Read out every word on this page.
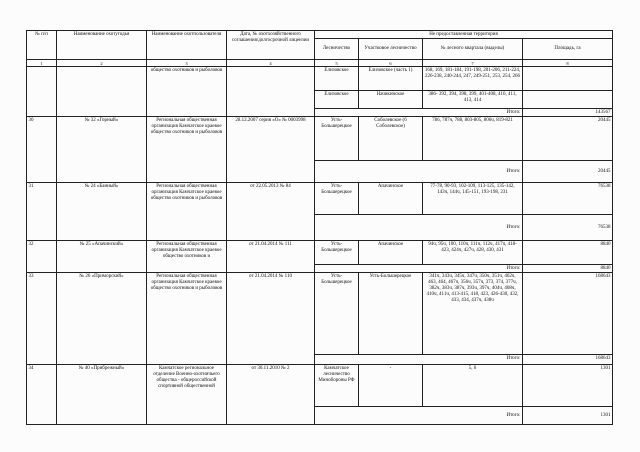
№ п/п	Наименование охотугодья	Наименование охотпользователя	Дата, № охотхозяйственного соглашения/долгосрочной лицензии	Не предоставленная территория			
				Лесничество	Участковое лесничество	№ лесного квартала (выделы)	Площадь, га
1	2	3	4	5	6	7	8
		общество охотников и рыболовов		Елизовское	Елизовское (часть 1)	168, 169, 181-184, 191-198, 201-206, 211-224, 226-238, 240-244, 247, 249-251, 253, 254, 266	
				Елизовское	Начикинское	386- 392, 394, 398, 399, 401-408, 410, 411, 413, 414	
				Итого:			143567
30	№ 32 «Горный»	Региональная общественная организация Камчатское краевое общество охотников и рыболовов	28.12.2007 серия «О» № 0003998	Усть-Большерецкое	Соболевское (6 Соболевское)	786, 787ч, 788, 803-805, 806ч, 819-821	20445
				Итого:			20445
31	№ 24 «Банный»	Региональная общественная организация Камчатское краевое общество охотников и рыболовов	от 22.05.2013 № 84	Усть-Большерецкое	Апачинское	77-78, 90-93, 102-109, 113-125, 135-142, 143ч, 144ч, 145-151, 193-198, 231	76538
				Итого:			76538
32	№ 25 «Апачинский»	Региональная общественная организация Камчатское краевое общество охотников и	от 21.04.2014 № 111	Усть-Большерецкое	Апачинское	94ч, 95ч, 100, 110ч, 111ч, 112ч, 417ч, 418-423, 424ч, 427ч, 428, 430, 431	8840
				Итого:			8840
33	№ 26 «Приморский»	Региональная общественная организация Камчатское краевое общество охотников и рыболовов	от 21.04.2014 № 110	Усть-Большерецкое	Усть-Большерецкое	341ч, 343ч, 345ч, 347ч, 350ч, 351ч, 462ч, 463, 464, 467ч, 356ч, 357ч, 373, 374, 377ч, 382ч, 383ч, 387ч, 393ч, 397ч, 404ч, 408ч, 410ч, 411ч, 413-415, 418, 423, 426-430, 432, 433, 434, 437ч, 438ч	168643
				Итого:			168643
34	№ 40 «Прибрежный»	Камчатское региональное отделение Военно-охотничьего общества - общероссийской спортивной общественной	от 30.11.2010 № 2	Камчатское лесничество Минобороны РФ	-	5, 6	1301
				Итого:			1301
